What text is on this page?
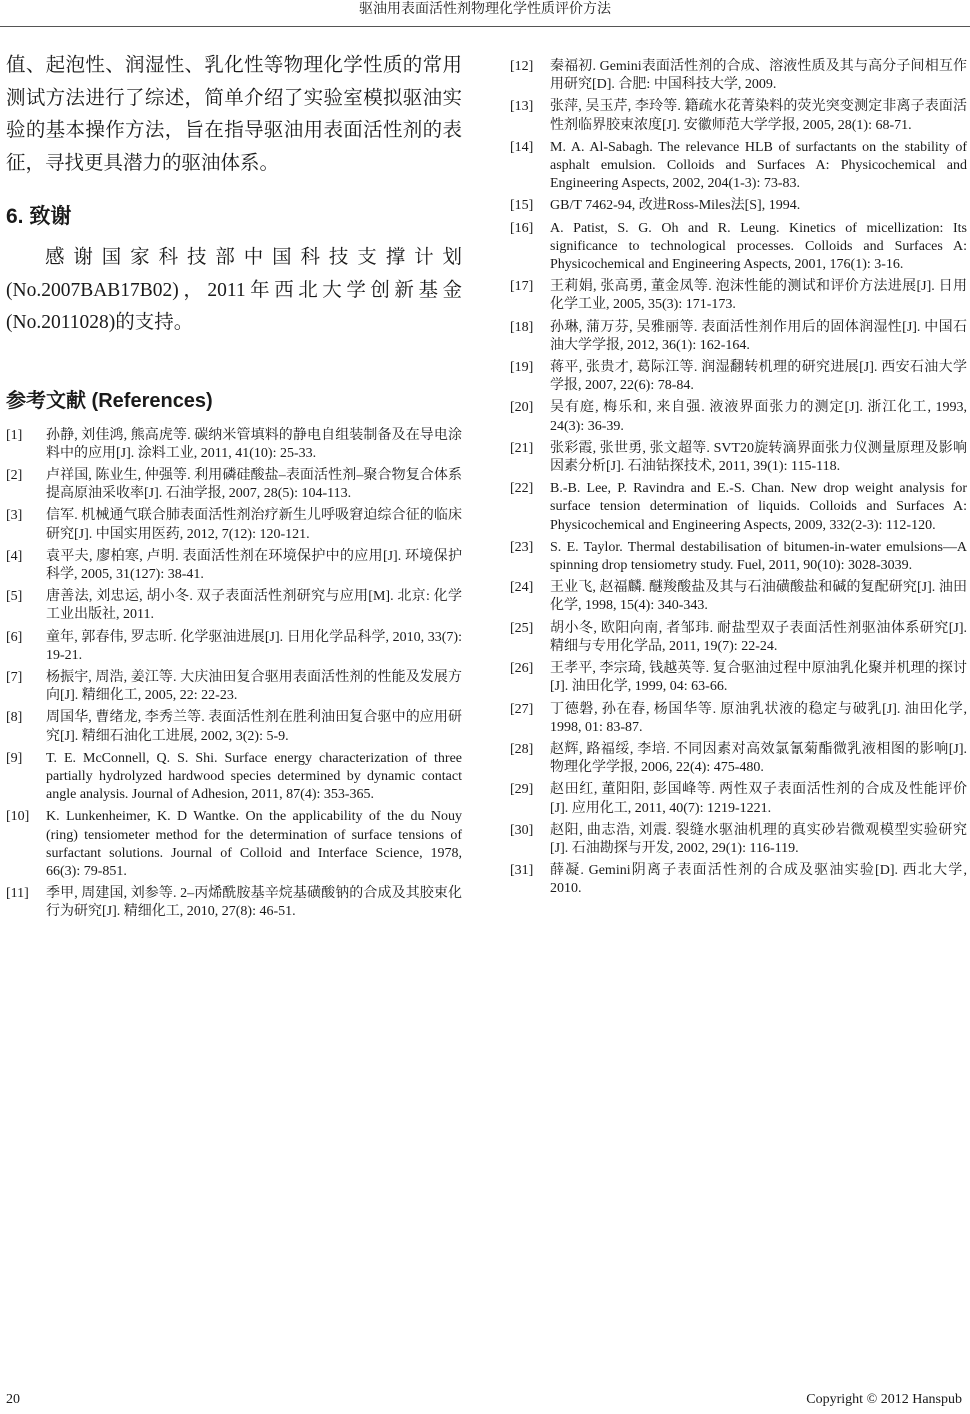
驱油用表面活性剂物理化学性质评价方法

值、起泡性、润湿性、乳化性等物理化学性质的常用测试方法进行了综述，简单介绍了实验室模拟驱油实验的基本操作方法，旨在指导驱油用表面活性剂的表征，寻找更具潜力的驱油体系。

6. 致谢

感谢国家科技部中国科技支撑计划(No.2007BAB17B02)，2011年西北大学创新基金(No.2011028)的支持。

参考文献 (References)
[1]	孙静, 刘佳鸿, 熊高虎等. 碳纳米管填料的静电自组装制备及在导电涂料中的应用[J]. 涂料工业, 2011, 41(10): 25-33.
[2]	卢祥国, 陈业生, 仲强等. 利用磷硅酸盐–表面活性剂–聚合物复合体系提高原油采收率[J]. 石油学报, 2007, 28(5): 104-113.
[3]	信军. 机械通气联合肺表面活性剂治疗新生儿呼吸窘迫综合征的临床研究[J]. 中国实用医药, 2012, 7(12): 120-121.
[4]	袁平夫, 廖柏寒, 卢明. 表面活性剂在环境保护中的应用[J]. 环境保护科学, 2005, 31(127): 38-41.
[5]	唐善法, 刘忠运, 胡小冬. 双子表面活性剂研究与应用[M]. 北京: 化学工业出版社, 2011.
[6]	童年, 郭春伟, 罗志昕. 化学驱油进展[J]. 日用化学品科学, 2010, 33(7): 19-21.
[7]	杨振宇, 周浩, 姜江等. 大庆油田复合驱用表面活性剂的性能及发展方向[J]. 精细化工, 2005, 22: 22-23.
[8]	周国华, 曹绪龙, 李秀兰等. 表面活性剂在胜利油田复合驱中的应用研究[J]. 精细石油化工进展, 2002, 3(2): 5-9.
[9]	T. E. McConnell, Q. S. Shi. Surface energy characterization of three partially hydrolyzed hardwood species determined by dynamic contact angle analysis. Journal of Adhesion, 2011, 87(4): 353-365.
[10]	K. Lunkenheimer, K. D Wantke. On the applicability of the du Nouy (ring) tensiometer method for the determination of surface tensions of surfactant solutions. Journal of Colloid and Interface Science, 1978, 66(3): 79-851.
[11]	季甲, 周建国, 刘参等. 2–丙烯酰胺基辛烷基磺酸钠的合成及其胶束化行为研究[J]. 精细化工, 2010, 27(8): 46-51.
[12]	秦福初. Gemini表面活性剂的合成、溶液性质及其与高分子间相互作用研究[D]. 合肥: 中国科技大学, 2009.
[13]	张萍, 吴玉芹, 李玲等. 籍疏水花菁染料的荧光突变测定非离子表面活性剂临界胶束浓度[J]. 安徽师范大学学报, 2005, 28(1): 68-71.
[14]	M. A. Al-Sabagh. The relevance HLB of surfactants on the stability of asphalt emulsion. Colloids and Surfaces A: Physicochemical and Engineering Aspects, 2002, 204(1-3): 73-83.
[15]	GB/T 7462-94, 改进Ross-Miles法[S], 1994.
[16]	A. Patist, S. G. Oh and R. Leung. Kinetics of micellization: Its significance to technological processes. Colloids and Surfaces A: Physicochemical and Engineering Aspects, 2001, 176(1): 3-16.
[17]	王莉娟, 张高勇, 董金凤等. 泡沫性能的测试和评价方法进展[J]. 日用化学工业, 2005, 35(3): 171-173.
[18]	孙琳, 蒲万芬, 吴雅丽等. 表面活性剂作用后的固体润湿性[J]. 中国石油大学学报, 2012, 36(1): 162-164.
[19]	蒋平, 张贵才, 葛际江等. 润湿翻转机理的研究进展[J]. 西安石油大学学报, 2007, 22(6): 78-84.
[20]	吴有庭, 梅乐和, 来自强. 液液界面张力的测定[J]. 浙江化工, 1993, 24(3): 36-39.
[21]	张彩霞, 张世勇, 张文超等. SVT20旋转滴界面张力仪测量原理及影响因素分析[J]. 石油钻探技术, 2011, 39(1): 115-118.
[22]	B.-B. Lee, P. Ravindra and E.-S. Chan. New drop weight analysis for surface tension determination of liquids. Colloids and Surfaces A: Physicochemical and Engineering Aspects, 2009, 332(2-3): 112-120.
[23]	S. E. Taylor. Thermal destabilisation of bitumen-in-water emulsions—A spinning drop tensiometry study. Fuel, 2011, 90(10): 3028-3039.
[24]	王业飞, 赵福麟. 醚羧酸盐及其与石油磺酸盐和碱的复配研究[J]. 油田化学, 1998, 15(4): 340-343.
[25]	胡小冬, 欧阳向南, 者邹玮. 耐盐型双子表面活性剂驱油体系研究[J]. 精细与专用化学品, 2011, 19(7): 22-24.
[26]	王孝平, 李宗琦, 钱越英等. 复合驱油过程中原油乳化聚并机理的探讨[J]. 油田化学, 1999, 04: 63-66.
[27]	丁德磐, 孙在春, 杨国华等. 原油乳状液的稳定与破乳[J]. 油田化学, 1998, 01: 83-87.
[28]	赵辉, 路福绥, 李培. 不同因素对高效氯氰菊酯微乳液相图的影响[J]. 物理化学学报, 2006, 22(4): 475-480.
[29]	赵田红, 董阳阳, 彭国峰等. 两性双子表面活性剂的合成及性能评价[J]. 应用化工, 2011, 40(7): 1219-1221.
[30]	赵阳, 曲志浩, 刘震. 裂缝水驱油机理的真实砂岩微观模型实验研究[J]. 石油勘探与开发, 2002, 29(1): 116-119.
[31]	薛凝. Gemini阴离子表面活性剂的合成及驱油实验[D]. 西北大学, 2010.
20	Copyright © 2012 Hanspub
